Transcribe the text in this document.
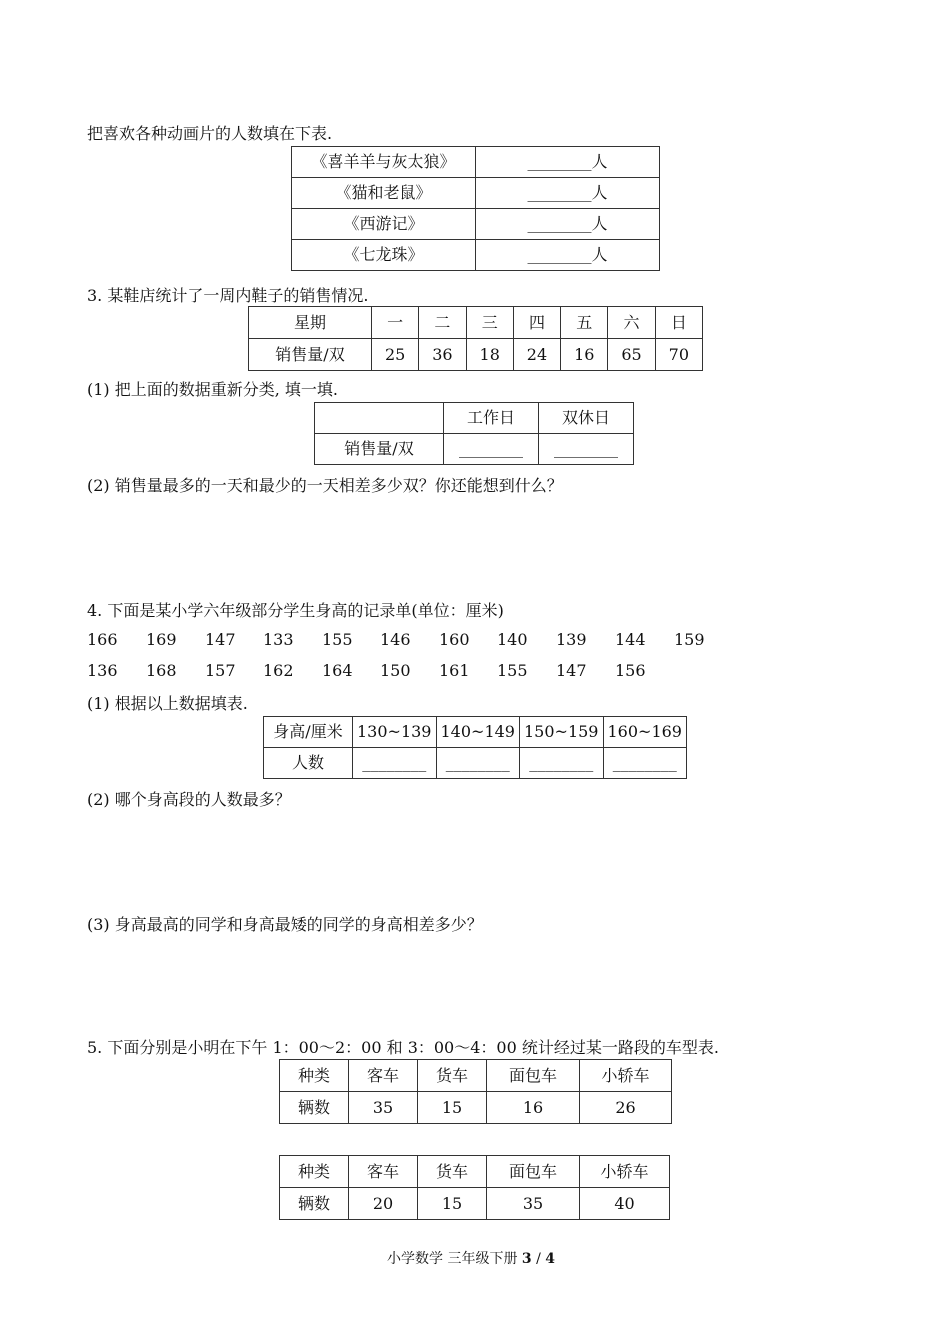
把喜欢各种动画片的人数填在下表.
《喜羊羊与灰太狼》	________人
《猫和老鼠》	________人
《西游记》	________人
《七龙珠》	________人
3. 某鞋店统计了一周内鞋子的销售情况.
星期	一	二	三	四	五	六	日
销售量/双	25	36	18	24	16	65	70
(1) 把上面的数据重新分类, 填一填.
	工作日	双休日
销售量/双	________	________
(2) 销售量最多的一天和最少的一天相差多少双？你还能想到什么？
4. 下面是某小学六年级部分学生身高的记录单(单位：厘米)
166 169 147 133 155 146 160 140 139 144 159
136 168 157 162 164 150 161 155 147 156
(1) 根据以上数据填表.
身高/厘米	130~139	140~149	150~159	160~169
人数	________	________	________	________
(2) 哪个身高段的人数最多？
(3) 身高最高的同学和身高最矮的同学的身高相差多少？
5. 下面分别是小明在下午 1：00～2：00 和 3：00～4：00 统计经过某一路段的车型表.
种类	客车	货车	面包车	小轿车
辆数	35	15	16	26
种类	客车	货车	面包车	小轿车
辆数	20	15	35	40
小学数学 三年级下册 3 / 4
